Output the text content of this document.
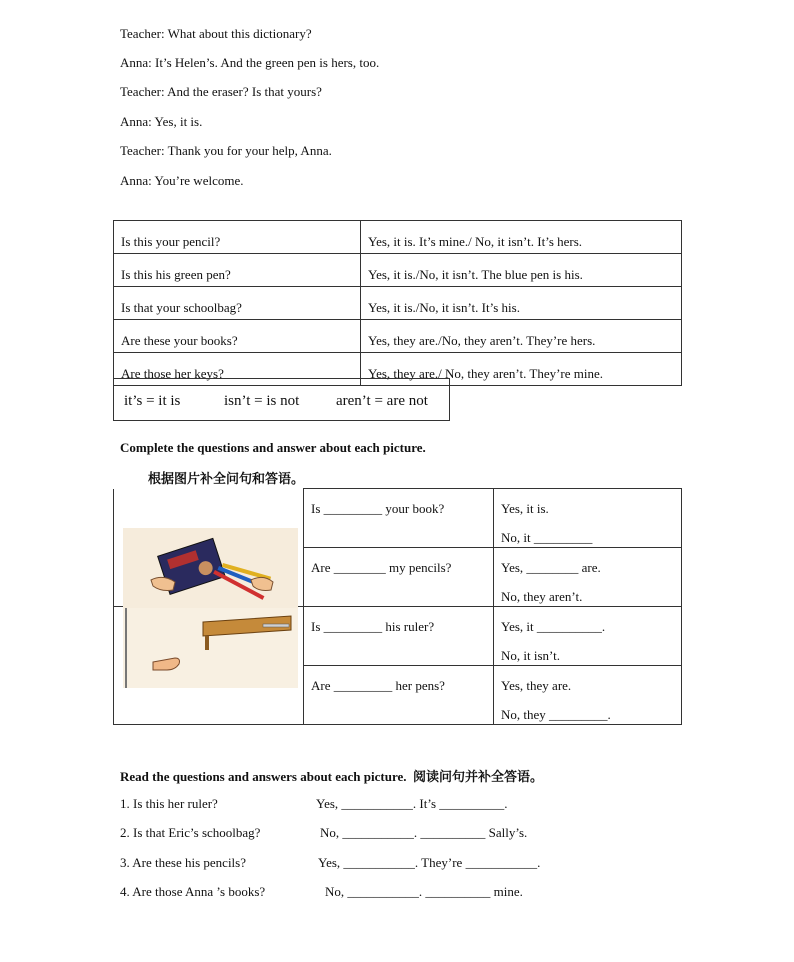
Teacher: What about this dictionary?
Anna: It’s Helen’s. And the green pen is hers, too.
Teacher: And the eraser? Is that yours?
Anna: Yes, it is.
Teacher: Thank you for your help, Anna.
Anna: You’re welcome.
Is this your pencil?	Yes, it is. It’s mine./ No, it isn’t. It’s hers.
Is this his green pen?	Yes, it is./No, it isn’t. The blue pen is his.
Is that your schoolbag?	Yes, it is./No, it isn’t. It’s his.
Are these your books?	Yes, they are./No, they aren’t. They’re hers.
Are those her keys?	Yes, they are./ No, they aren’t. They’re mine.
it’s = it is	isn’t = is not aren’t = are not
Complete the questions and answer about each picture.
根据图片补全问句和答语。

	Is _________ your book?	Yes, it is.
No, it _________

	Are ________ my pencils?	Yes, ________ are.
No, they aren’t.

	Is _________ his ruler?	Yes, it __________.
No, it isn’t.

	Are _________ her pens?	Yes, they are.
No, they _________.
Read the questions and answers about each picture. 阅读问句并补全答语。
1. Is this her ruler?	Yes, ___________. It’s __________.
2. Is that Eric’s schoolbag?	No, ___________. __________ Sally’s.
3. Are these his pencils?	Yes, ___________. They’re ___________.
4. Are those Anna ’s books?	No, ___________. __________ mine.
